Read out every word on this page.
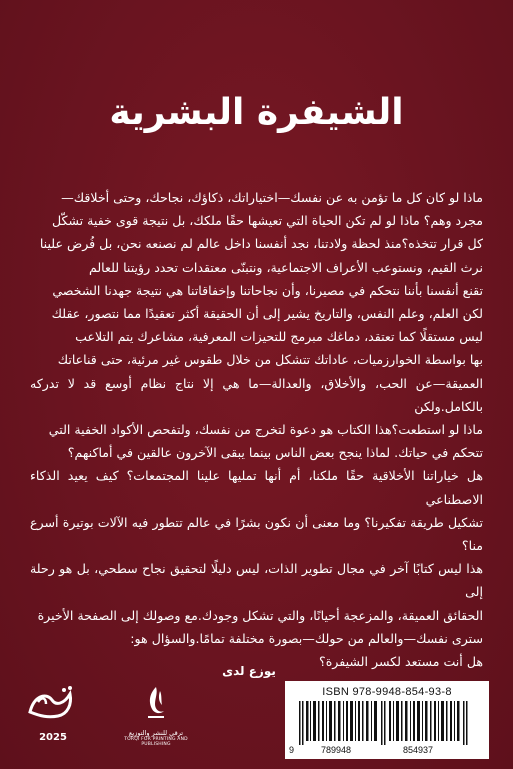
الشيفرة البشرية
ماذا لو كان كل ما تؤمن به عن نفسك—اختياراتك، ذكاؤك، نجاحك، وحتى أخلاقك—
مجرد وهم؟ ماذا لو لم تكن الحياة التي تعيشها حقًا ملكك، بل نتيجة قوى خفية تشكّل
كل قرار تتخذه؟منذ لحظة ولادتنا، نجد أنفسنا داخل عالم لم نصنعه نحن، بل فُرض علينا
نرث القيم، ونستوعب الأعراف الاجتماعية، ونتبنّى معتقدات تحدد رؤيتنا للعالم
تقنع أنفسنا بأننا نتحكم في مصيرنا، وأن نجاحاتنا وإخفاقاتنا هي نتيجة جهدنا الشخصي
لكن العلم، وعلم النفس، والتاريخ يشير إلى أن الحقيقة أكثر تعقيدًا مما نتصور، عقلك
ليس مستقلًا كما تعتقد، دماغك مبرمج للتحيزات المعرفية، مشاعرك يتم التلاعب
بها بواسطة الخوارزميات، عاداتك تتشكل من خلال طقوس غير مرئية، حتى قناعاتك
العميقة—عن الحب، والأخلاق، والعدالة—ما هي إلا نتاج نظام أوسع قد لا تدركه بالكامل.ولكن
ماذا لو استطعت؟هذا الكتاب هو دعوة لتخرج من نفسك، ولتفحص الأكواد الخفية التي
تتحكم في حياتك. لماذا ينجح بعض الناس بينما يبقى الآخرون عالقين في أماكنهم؟
هل خياراتنا الأخلاقية حقًا ملكنا، أم أنها تمليها علينا المجتمعات؟ كيف يعيد الذكاء الاصطناعي
تشكيل طريقة تفكيرنا؟ وما معنى أن نكون بشرًا في عالم تتطور فيه الآلات بوتيرة أسرع منا؟
هذا ليس كتابًا آخر في مجال تطوير الذات، ليس دليلًا لتحقيق نجاح سطحي، بل هو رحلة إلى
الحقائق العميقة، والمزعجة أحيانًا، والتي تشكل وجودك.مع وصولك إلى الصفحة الأخيرة
سترى نفسك—والعالم من حولك—بصورة مختلفة تمامًا.والسؤال هو:
هل أنت مستعد لكسر الشيفرة؟
يوزع لدى
ترقي للنشر والتوزيع
TORQI FOR PRINTING AND PUBLISHING
2025
ISBN 978-9948-854-93-8
9	789948	854937
